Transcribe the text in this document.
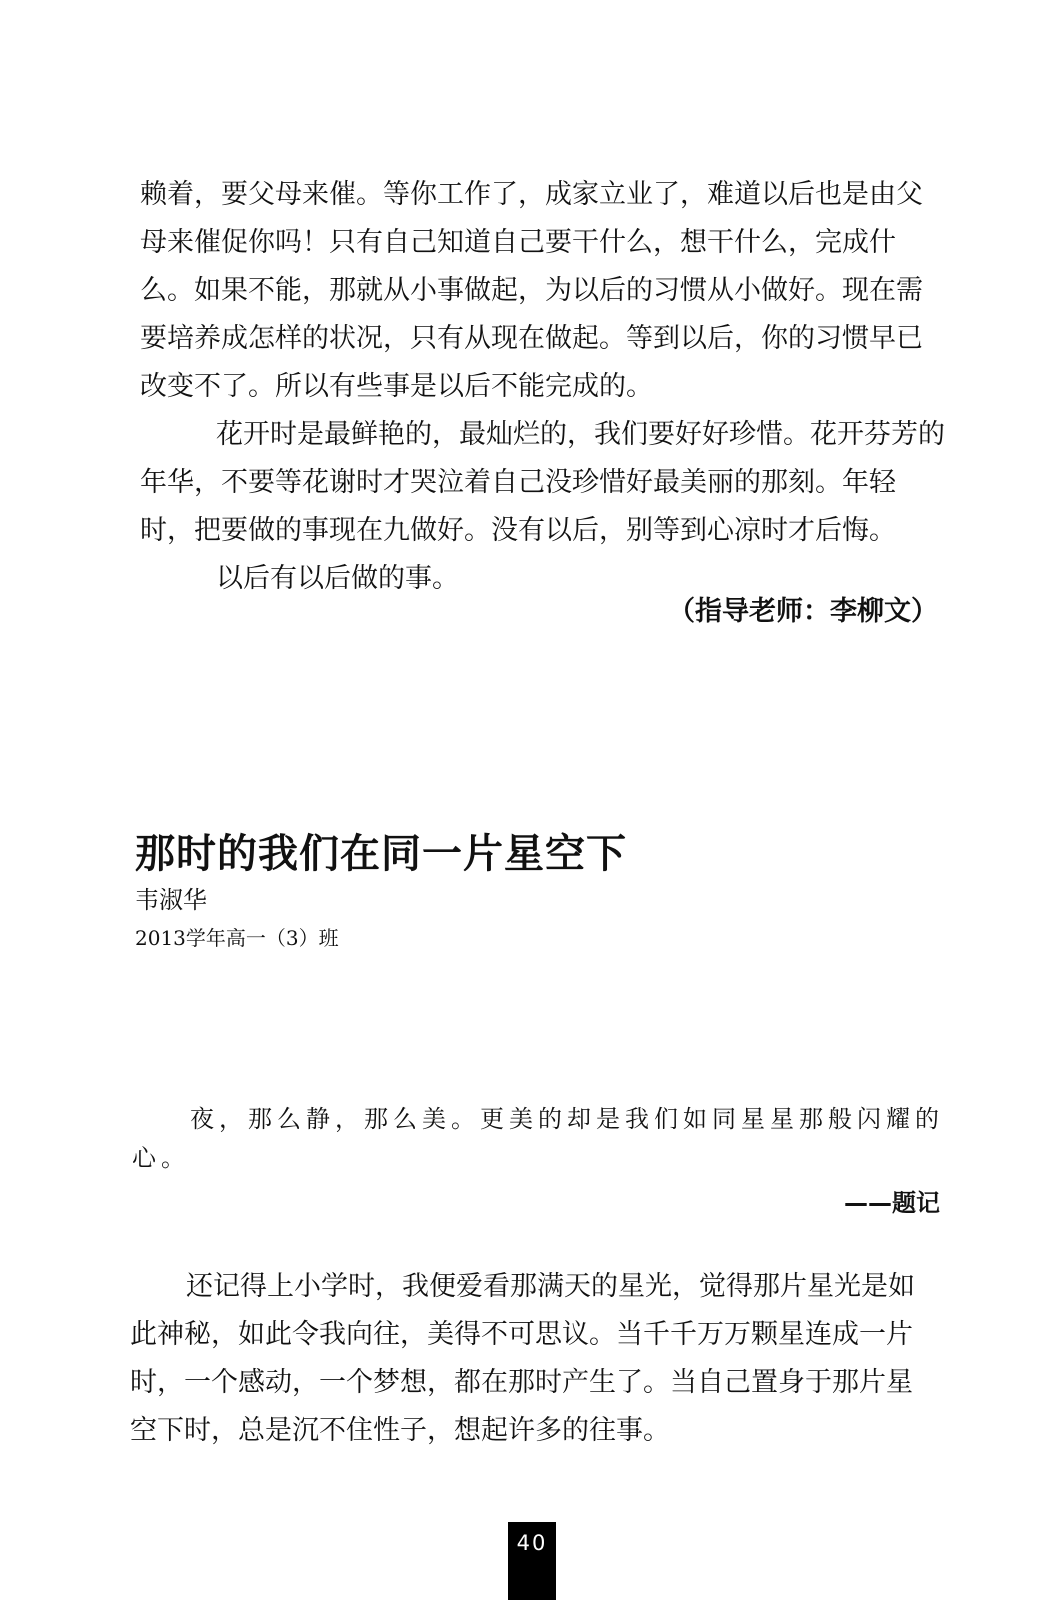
赖着，要父母来催。等你工作了，成家立业了，难道以后也是由父
母来催促你吗！只有自己知道自己要干什么，想干什么，完成什
么。如果不能，那就从小事做起，为以后的习惯从小做好。现在需
要培养成怎样的状况，只有从现在做起。等到以后，你的习惯早已
改变不了。所以有些事是以后不能完成的。
花开时是最鲜艳的，最灿烂的，我们要好好珍惜。花开芬芳的
年华，不要等花谢时才哭泣着自己没珍惜好最美丽的那刻。年轻
时，把要做的事现在九做好。没有以后，别等到心凉时才后悔。
以后有以后做的事。
（指导老师：李柳文）
那时的我们在同一片星空下
韦淑华
2013学年高一（3）班
夜，那么静，那么美。更美的却是我们如同星星那般闪耀的
心。
——题记
还记得上小学时，我便爱看那满天的星光，觉得那片星光是如
此神秘，如此令我向往，美得不可思议。当千千万万颗星连成一片
时，一个感动，一个梦想，都在那时产生了。当自己置身于那片星
空下时，总是沉不住性子，想起许多的往事。
40
